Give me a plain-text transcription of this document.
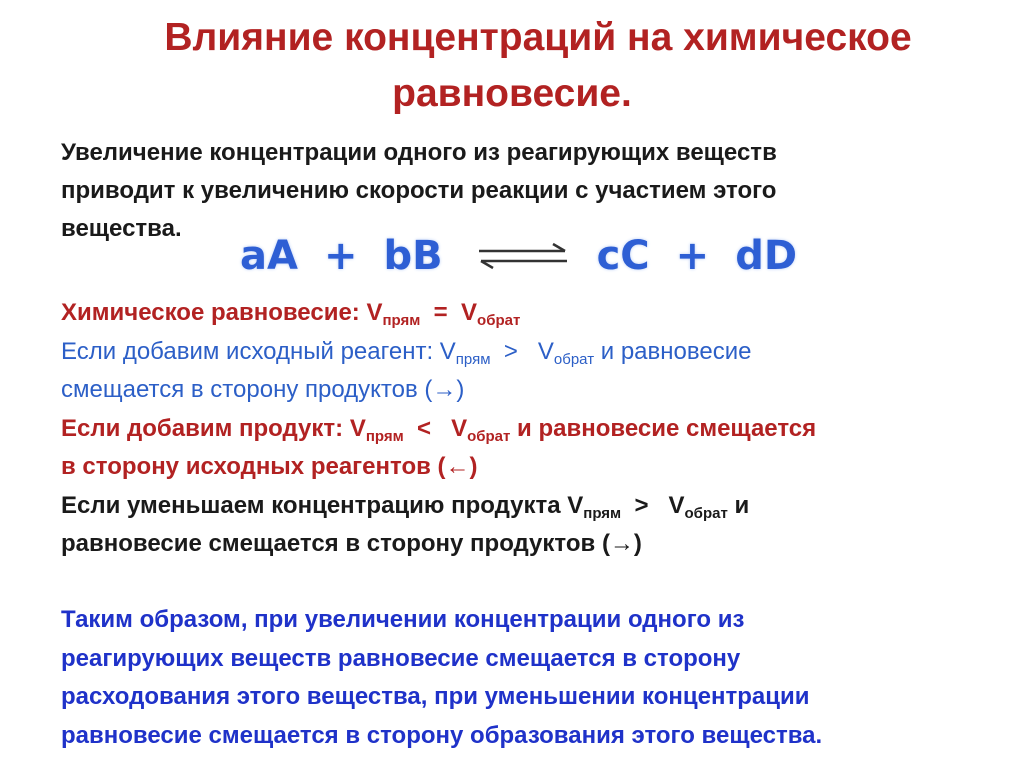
Влияние концентраций на химическое
равновесие.
Увеличение концентрации одного из реагирующих веществ
приводит к увеличению скорости реакции с участием этого
вещества.
aA + bB ⇌ cC + dD
Химическое равновесие: $V_{прям} = V_{обрат}$
Если добавим исходный реагент: $V_{прям} > V_{обрат}$ и равновесие
смещается в сторону продуктов (→)
Если добавим продукт: $V_{прям} < V_{обрат}$ и равновесие смещается
в сторону исходных реагентов (←)
Если уменьшаем концентрацию продукта $V_{прям} > V_{обрат}$ и
равновесие смещается в сторону продуктов (→)
Таким образом, при увеличении концентрации одного из
реагирующих веществ равновесие смещается в сторону
расходования этого вещества, при уменьшении концентрации
равновесие смещается в сторону образования этого вещества.
